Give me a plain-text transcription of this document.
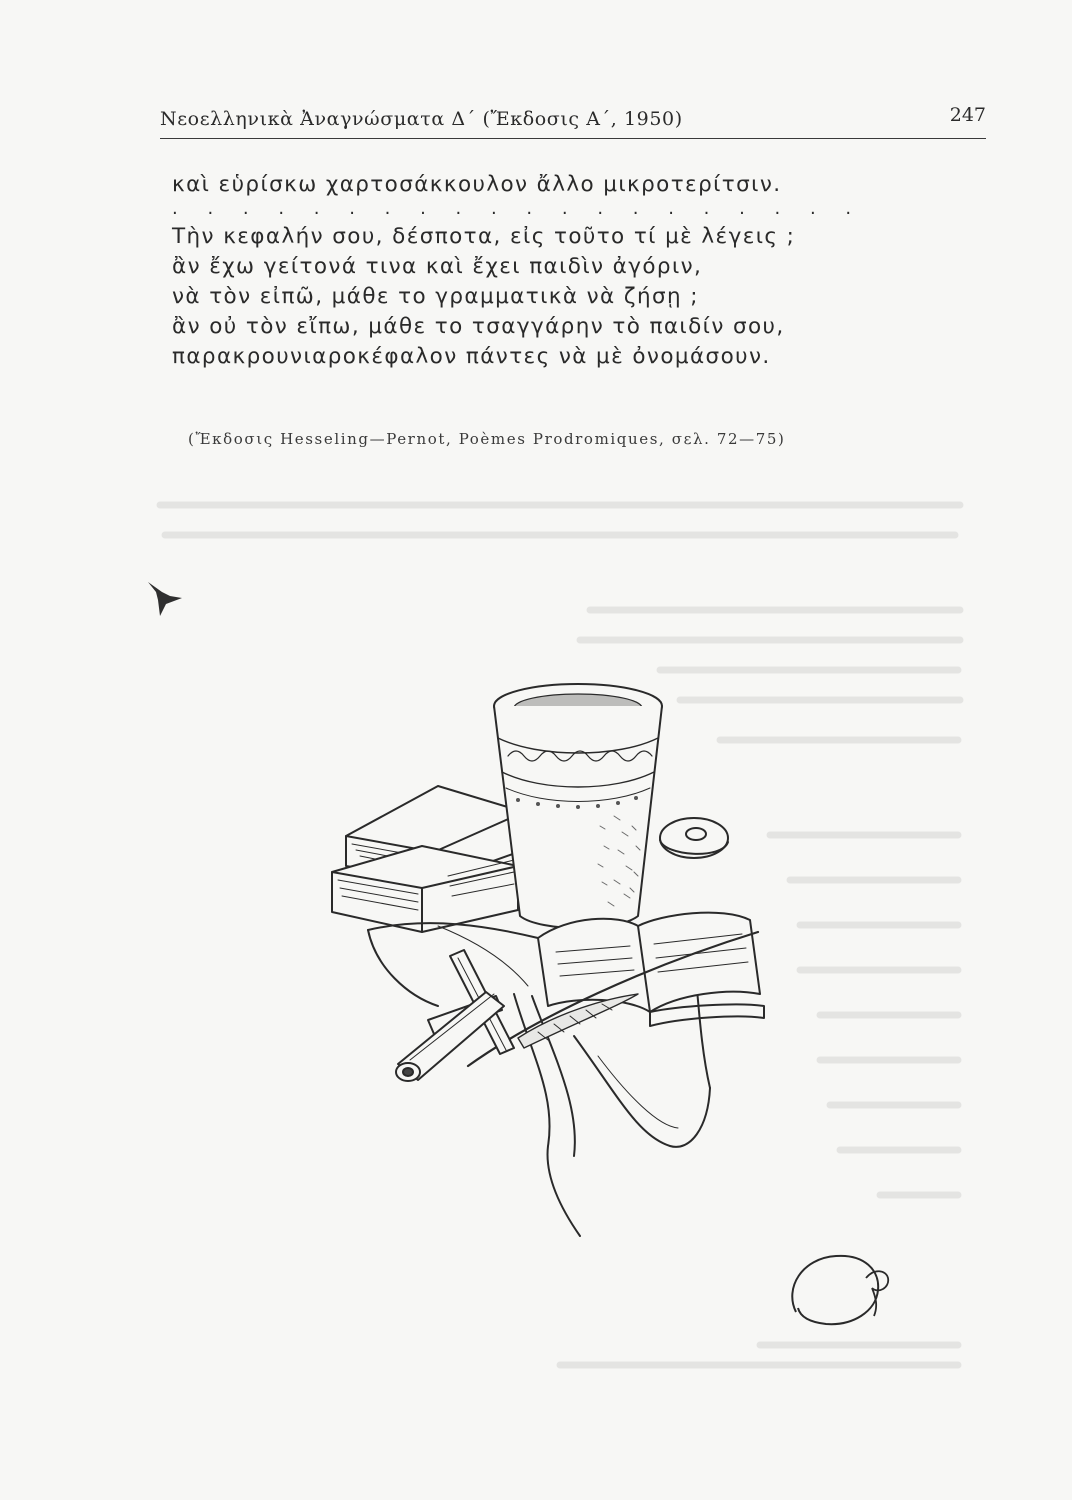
Νεοελληνικὰ Ἀναγνώσματα Δ΄ (Ἔκδοσις Α΄, 1950)	247
καὶ εὑρίσκω χαρτοσάκκουλον ἄλλο μικροτερίτσιν.
. . . . . . . . . . . . . . . . . . . .
Τὴν κεφαλήν σου, δέσποτα, εἰς τοῦτο τί μὲ λέγεις ;
ἂν ἔχω γείτονά τινα καὶ ἔχει παιδὶν ἀγόριν,
νὰ τὸν εἰπῶ, μάθε το γραμματικὰ νὰ ζήσῃ ;
ἂν οὐ τὸν εἴπω, μάθε το τσαγγάρην τὸ παιδίν σου,
παρακρουνιαροκέφαλον πάντες νὰ μὲ ὀνομάσουν.
(Ἔκδοσις Hesseling—Pernot, Poèmes Prodromiques, σελ. 72—75)
